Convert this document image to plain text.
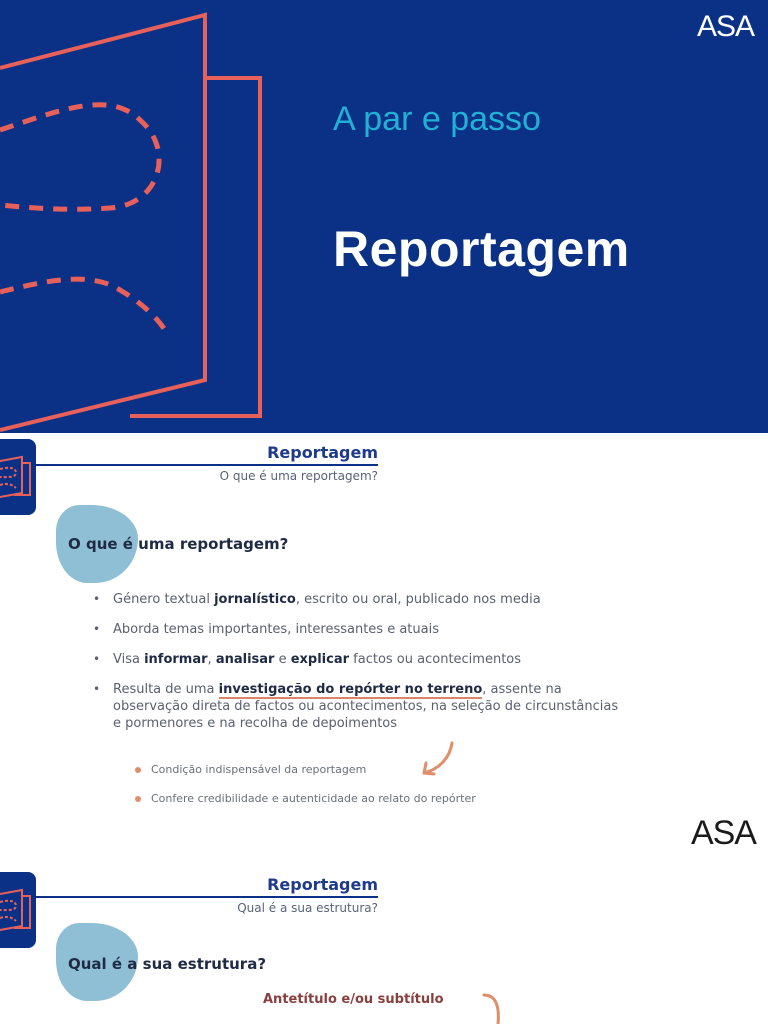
ASA
A par e passo
Reportagem
Reportagem
O que é uma reportagem?
O que é uma reportagem?
• Género textual jornalístico, escrito ou oral, publicado nos media
• Aborda temas importantes, interessantes e atuais
• Visa informar, analisar e explicar factos ou acontecimentos
• Resulta de uma investigação do repórter no terreno, assente na observação direta de factos ou acontecimentos, na seleção de circunstâncias e pormenores e na recolha de depoimentos
Condição indispensável da reportagem
Confere credibilidade e autenticidade ao relato do repórter
ASA
Reportagem
Qual é a sua estrutura?
Qual é a sua estrutura?
Antetítulo e/ou subtítulo
